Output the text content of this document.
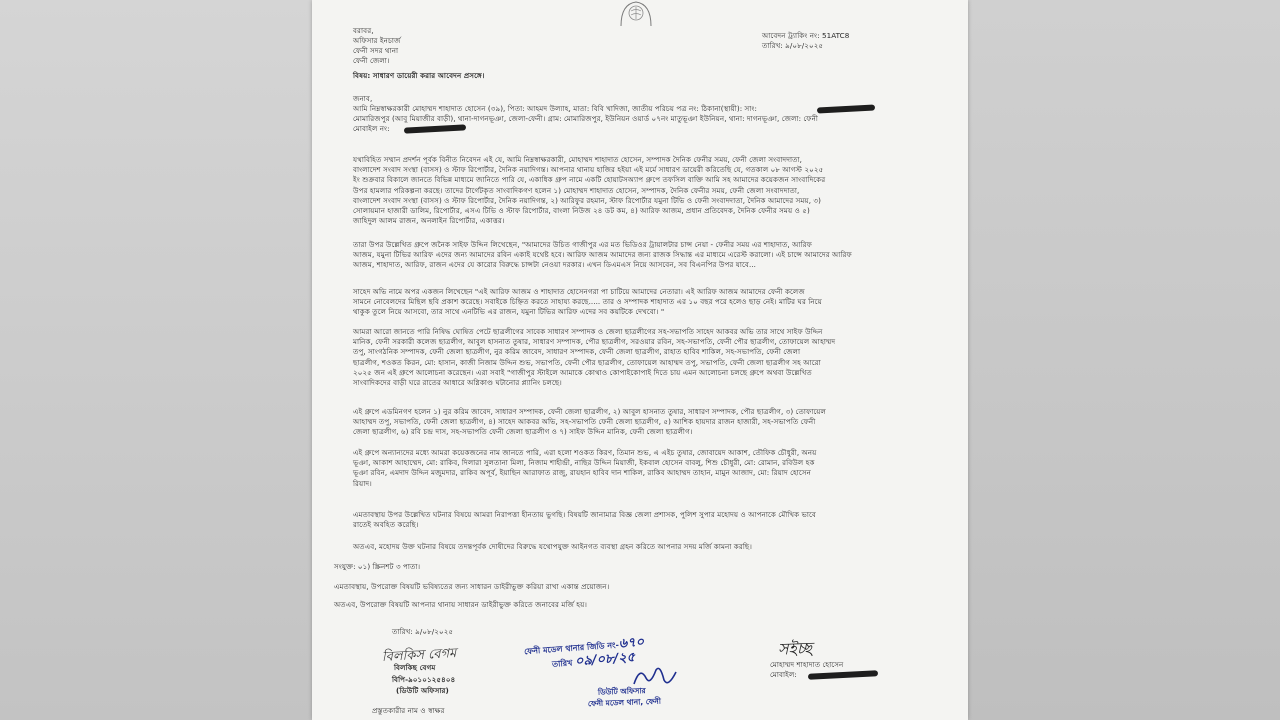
বরাবর,
অফিসার ইনচার্জ
ফেনী সদর থানা
ফেনী জেলা।
আবেদন ট্র্যাকিং নং: 51ATC8
তারিখ: ৯/০৮/২০২৫
বিষয়: সাধারণ ডায়েরী করার আবেদন প্রসঙ্গে।
জনাব,
আমি নিম্নস্বাক্ষরকারী মোহাম্মদ শাহাদাত হোসেন (৩৯), পিতা: আহমদ উল্যাহ, মাতা: বিবি খাদিজা, জাতীয় পরিচয় পত্র নং: ঠিকানা(স্থায়ী): সাং:
মোমারিজপুর (আবু মিয়াজীর বাড়ী), থানা-দাগনভূঞা, জেলা-ফেনী। গ্রাম: মোমারিজপুর, ইউনিয়ন ওয়ার্ড ০৭নং মাতুভূঞা ইউনিয়ন, থানা: দাগনভূঞা, জেলা: ফেনী
মোবাইল নং:
যথাবিহিত সম্মান প্রদর্শন পূর্বক বিনীত নিবেদন এই যে, আমি নিম্নস্বাক্ষরকারী, মোহাম্মদ শাহাদাত হোসেন, সম্পাদক দৈনিক ফেনীর সময়, ফেনী জেলা সংবাদদাতা,
বাংলাদেশ সংবাদ সংস্থা (বাসস) ও স্টাফ রিপোর্টার, দৈনিক নয়াদিগন্ত। আপনার থানায় হাজির হইয়া এই মর্মে সাধারণ ডায়েরী করিতেছি যে, গতকাল ০৮ আগস্ট ২০২৫
ইং শুক্রবার বিকালে জানতে বিভিন্ন মাধ্যমে জানিতে পারি যে, একাধিক গ্রুপ নামে একটি হোয়াটসঅ্যাপ গ্রুপে তফসিল বাক্তি আমি সহ আমাদের কয়েকজন সাংবাদিকের
উপর হামলার পরিকল্পনা করছে। তাদের টার্গেটকৃত সাংবাদিকগণ হলেন ১) মোহাম্মদ শাহাদাত হোসেন, সম্পাদক, দৈনিক ফেনীর সময়, ফেনী জেলা সংবাদদাতা,
বাংলাদেশ সংবাদ সংস্থা (বাসস) ও স্টাফ রিপোর্টার, দৈনিক নয়াদিগন্ত, ২) আরিফুর রহমান, স্টাফ রিপোর্টার যমুনা টিভি ও ফেনী সংবাদদাতা, দৈনিক আমাদের সময়, ৩)
সোলায়মান হাজারী ডালিম, রিপোর্টার, এসএ টিভি ও স্টাফ রিপোর্টার, বাংলা নিউজ ২৪ ডট কম, ৪) আরিফ আজম, প্রধান প্রতিবেদক, দৈনিক ফেনীর সময় ও ৫)
জাহিদুল আলম রাজন, অনলাইন রিপোর্টার, একাত্তর।
তারা উপর উল্লেখিত গ্রুপে জনৈক সাইফ উদ্দিন লিখেছেন, "আমাদের উচিত গাজীপুর এর মত ভিডিওর ট্রায়ালটার চান্স নেয়া - ফেনীর সময় এর শাহাদাত, আরিফ
আজম, যমুনা টিভির আরিফ এদের জন্য আমাদের রবিন একাই যথেষ্ট হবে। আরিফ আজম আমাদের জন্য রাজক সিদ্ধান্ত এর মাধ্যমে এরেস্ট করালো। এই চান্সে আমাদের আরিফ
আজম, শাহাদাত, আরিফ, রাজন এদের যে কারোর বিরুদ্ধে চান্সটা নেওয়া দরকার। এখন ডিএমএস নিয়ে আসবেন, সব বিএনপির উপর যাবে...
সাহেদ অভি নামে অপর একজন লিখেছেন "এই আরিফ আজম ও শাহাদাত হোসেনগরা পা চাটিয়ে আমাদের নেতারা। এই আরিফ আজম আমাদের ফেনী কলেজ
সামনে নোবেলদের মিছিল ছবি প্রকাশ করেছে। সবাইকে চিহ্নিত করতে সাহায্য করছে..... তার ও সম্পাদক শাহাদাত এর ১০ বছর পরে হলেও ছাড় নেই। মাটির ঘর নিয়ে
থাকুক তুলে নিয়ে আসবো, তার সাথে এনটিভি এর রাজন, যমুনা টিভির আরিফ এদের সব কয়টিকে দেখবো। "
আমরা আরো জানতে পারি নিষিদ্ধ ঘোষিত পেটে ছাত্রলীগের সাবেক সাধারণ সম্পাদক ও জেলা ছাত্রলীগের সহ-সভাপতি সাহেদ আকবর অভি তার সাথে সাইফ উদ্দিন
মানিক, ফেনী সরকারী কলেজ ছাত্রলীগ, আবুল হাসনাত তুষার, সাধারণ সম্পাদক, পৌর ছাত্রলীগ, সরওয়ার রবিন, সহ-সভাপতি, ফেনী পৌর ছাত্রলীগ, তোফায়েল আহাম্মদ
তপু, সাংগঠনিক সম্পাদক, ফেনী জেলা ছাত্রলীগ, নুর করিম জাবেদ, সাধারণ সম্পাদক, ফেনী জেলা ছাত্রলীগ, রাহাত হাবিব শাকিল, সহ-সভাপতি, ফেনী জেলা
ছাত্রলীগ, শওকত কিরন, মো: হাসান, কাজী নিজাম উদ্দিন শুভ, সভাপতি, ফেনী পৌর ছাত্রলীগ, তোফায়েল আহাম্মদ তপু, সভাপতি, ফেনী জেলা ছাত্রলীগ সহ আরো
২০২৫ জন এই গ্রুপে আলোচনা করেছেন। এরা সবাই "গাজীপুর স্টাইলে আমাকে কোথাও কোপাইকোপাই দিতে চায় এমন আলোচনা চলছে গ্রুপে অথবা উল্লেখিত
সাংবাদিকদের বাড়ী ঘরে রাতের আধারে অগ্নিকাণ্ড ঘটানোর প্ল্যানিং চলছে।
এই গ্রুপে এডমিনগণ হলেন ১) নুর করিম জাবেদ, সাধারণ সম্পাদক, ফেনী জেলা ছাত্রলীগ, ২) আবুল হাসনাত তুষার, সাধারণ সম্পাদক, পৌর ছাত্রলীগ, ৩) তোফায়েল
আহাম্মদ তপু, সভাপতি, ফেনী জেলা ছাত্রলীগ, ৪) সাহেদ আকবর অভি, সহ-সভাপতি ফেনী জেলা ছাত্রলীগ, ৫) আশিক হায়দার রাজন হাজারী, সহ-সভাপতি ফেনী
জেলা ছাত্রলীগ, ৬) রবি চন্দ্র দাস, সহ-সভাপতি ফেনী জেলা ছাত্রলীগ ও ৭) সাইফ উদ্দিন মানিক, ফেনী জেলা ছাত্রলীগ।
এই গ্রুপে অন্যান্যদের মধ্যে আমরা কয়েকজনের নাম জানতে পারি, এরা হলো শওকত কিরণ, তিমান শুভ, এ এইচ তুষার, জোবায়েদ আকাশ, তৌফিক চৌধুরী, অনয়
ভূঞা, আকাশ আহাম্মেদ, মো: রাকিব, দিলারা সুলতানা মিলা, নিজাম শাহীন্দ্রী, নাছির উদ্দিন মিয়াজী, ইকবাল হোসেন বাবলু, শিশু চৌধুরী, মো: রোমান, রবিউল হক
ভূঞা রবিন, এমদাদ উদ্দিন মজুমদার, রাকিব অপূর্ব, ইয়াছিন আরাফাত রাজু, রায়হান হাবিব দান শাকিল, রাকিব আহাম্মদ তাহান, মামুন আজাদ, মো: রিয়াদ হোসেন
রিয়াদ।
এমতাবস্থায় উপর উল্লেখিত ঘটনার বিষয়ে আমরা নিরাপত্তা হীনতায় ভুগছি। বিষয়টি জানামাত্র বিজ্ঞ জেলা প্রশাসক, পুলিশ সুপার মহোদয় ও আপনাকে মৌখিক ভাবে
রাতেই অবহিত করেছি।
অতএব, মহোদয় উক্ত ঘটনার বিষয়ে তদন্তপূর্বক দোষীদের বিরুদ্ধে যথোপযুক্ত আইনগত ব্যবস্থা গ্রহন করিতে আপনার সদয় মর্জি কামনা করছি।
সংযুক্ত: ০১) স্ক্রিনশট ৩ পাতা।
এমতাবস্থায়, উপরোক্ত বিষয়টি ভবিষ্যতের জন্য সাধারন ডাইরীভুক্ত করিয়া রাখা একান্ত প্রয়োজন।
অতএব, উপরোক্ত বিষয়টি আপনার থানায় সাধারন ডাইরীভুক্ত করিতে জনাবের মর্জি হয়।
তারিখ: ৯/০৮/২০২৫
বিলকিস বেগম
বিলকিছ বেগম
বিপি-৯০১০১২৫৪০৪
(ডিউটি অফিসার)
প্রস্তুতকারীর নাম ও স্বাক্ষর
ফেনী মডেল থানার জিডি নং-৬৭০
তারিখ ০৯/০৮/২৫
ডিউটি অফিসার
ফেনী মডেল থানা, ফেনী
সইচ্ছ
মোহাম্মদ শাহাদাত হোসেন
মোবাইল:
